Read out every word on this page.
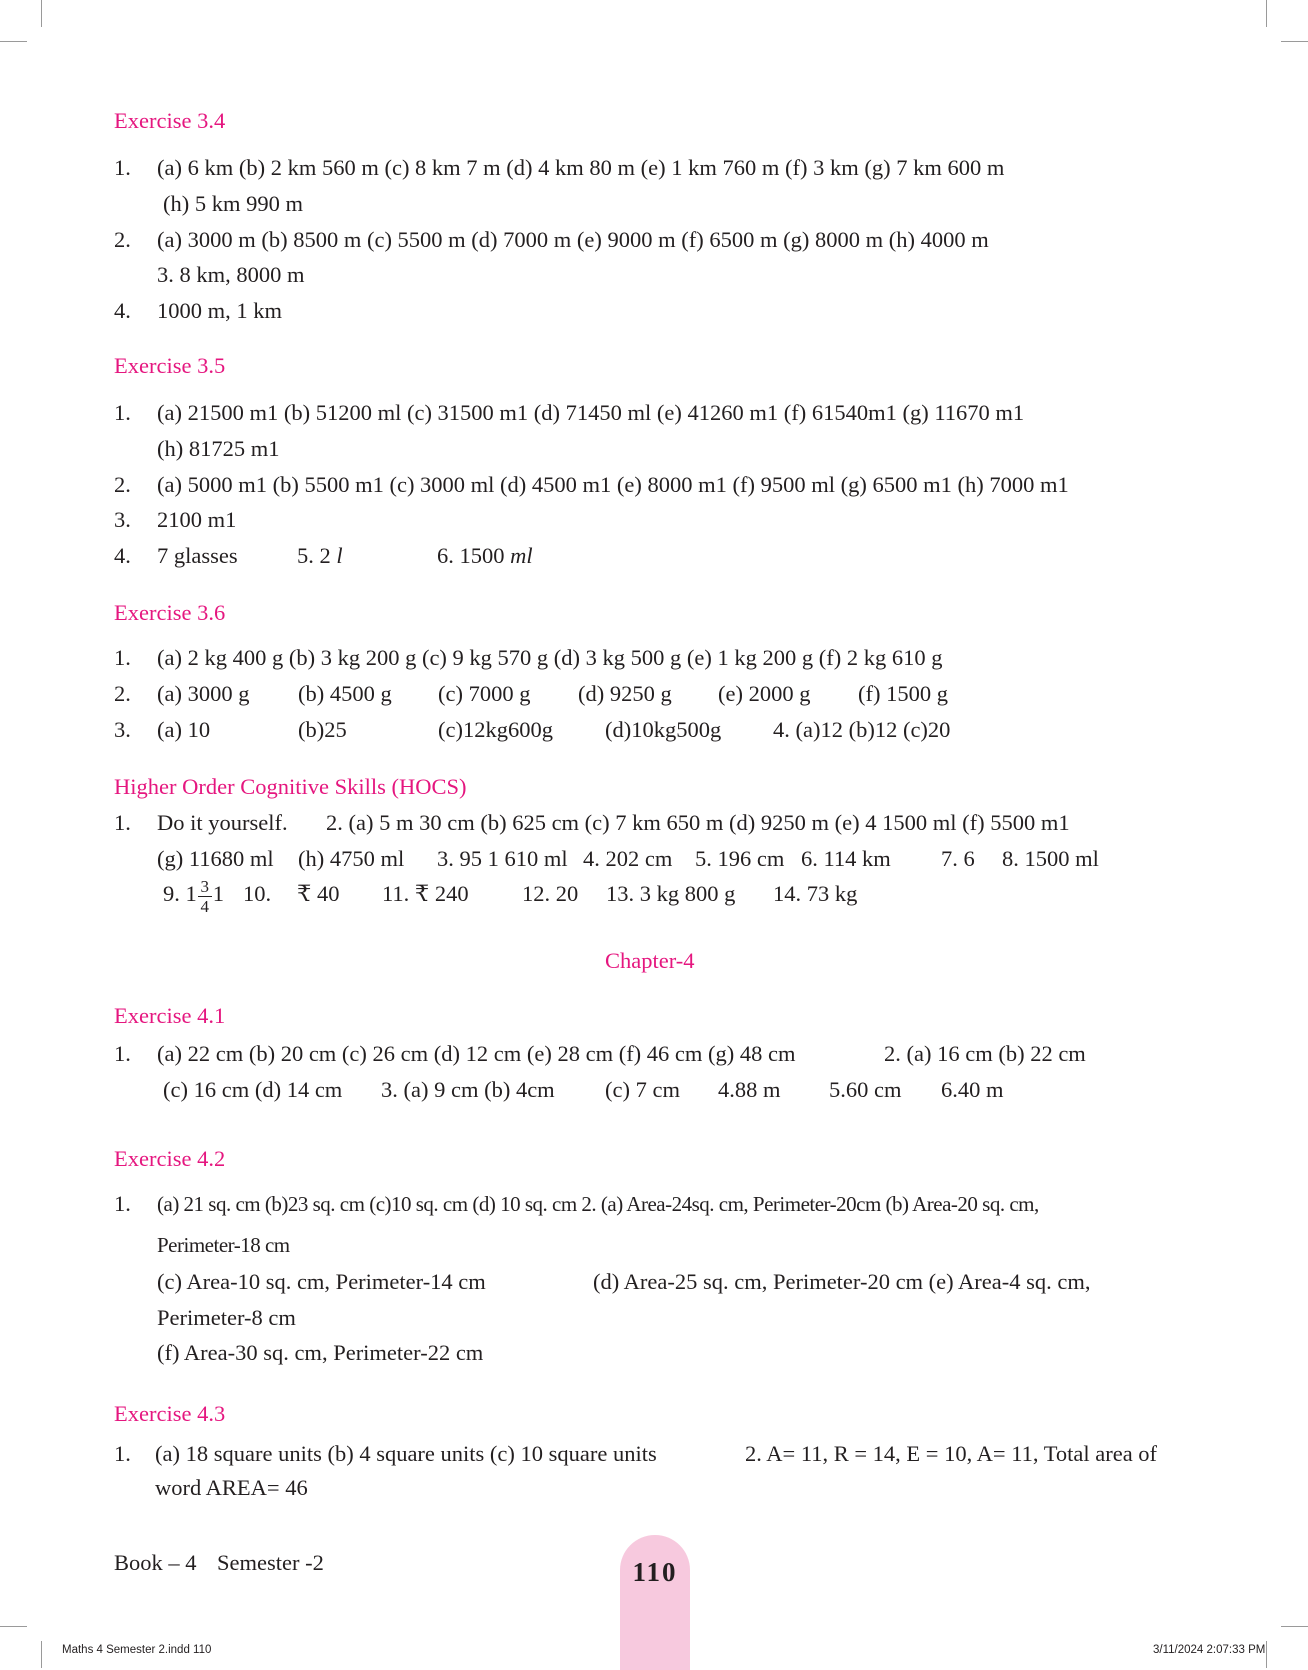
Exercise 3.4
1. (a) 6 km (b) 2 km 560 m (c) 8 km 7 m (d) 4 km 80 m (e) 1 km 760 m (f) 3 km (g) 7 km 600 m
(h) 5 km 990 m
2. (a) 3000 m (b) 8500 m (c) 5500 m (d) 7000 m (e) 9000 m (f) 6500 m (g) 8000 m (h) 4000 m
3. 8 km, 8000 m
4. 1000 m, 1 km
Exercise 3.5
1. (a) 21500 m1 (b) 51200 ml (c) 31500 m1 (d) 71450 ml (e) 41260 m1 (f) 61540m1 (g) 11670 m1
(h) 81725 m1
2. (a) 5000 m1 (b) 5500 m1 (c) 3000 ml (d) 4500 m1 (e) 8000 m1 (f) 9500 ml (g) 6500 m1 (h) 7000 m1
3. 2100 m1
4. 7 glasses	5. 2 l	6. 1500 ml
Exercise 3.6
1. (a) 2 kg 400 g (b) 3 kg 200 g (c) 9 kg 570 g (d) 3 kg 500 g (e) 1 kg 200 g (f) 2 kg 610 g
2. (a) 3000 g (b) 4500 g (c) 7000 g (d) 9250 g (e) 2000 g (f) 1500 g
3. (a) 10	(b)25	(c)12kg600g (d)10kg500g 4. (a)12 (b)12 (c)20
Higher Order Cognitive Skills (HOCS)
1. Do it yourself. 2. (a) 5 m 30 cm (b) 625 cm (c) 7 km 650 m (d) 9250 m (e) 4 1500 ml (f) 5500 m1
(g) 11680 ml (h) 4750 ml 3. 95 1 610 ml 4. 202 cm 5. 196 cm 6. 114 km 7. 6 8. 1500 ml
9. 1
$\frac{3}{4}$
1 10. ₹ 40 11. ₹ 240 12. 20 13. 3 kg 800 g 14. 73 kg
Chapter-4
Exercise 4.1
1. (a) 22 cm (b) 20 cm (c) 26 cm (d) 12 cm (e) 28 cm (f) 46 cm (g) 48 cm	2. (a) 16 cm (b) 22 cm
(c) 16 cm (d) 14 cm 3. (a) 9 cm (b) 4cm (c) 7 cm 4.88 m 5.60 cm 6.40 m
Exercise 4.2
1. (a) 21 sq. cm (b)23 sq. cm (c)10 sq. cm (d) 10 sq. cm 2. (a) Area-24sq. cm, Perimeter-20cm (b) Area-20 sq. cm,
Perimeter-18 cm
(c) Area-10 sq. cm, Perimeter-14 cm	(d) Area-25 sq. cm, Perimeter-20 cm (e) Area-4 sq. cm,
Perimeter-8 cm
(f) Area-30 sq. cm, Perimeter-22 cm
Exercise 4.3
1. (a) 18 square units (b) 4 square units (c) 10 square units	2. A= 11, R = 14, E = 10, A= 11, Total area of
word AREA= 46
Book – 4 Semester -2	110
Maths 4 Semester 2.indd 110	3/11/2024 2:07:33 PM
